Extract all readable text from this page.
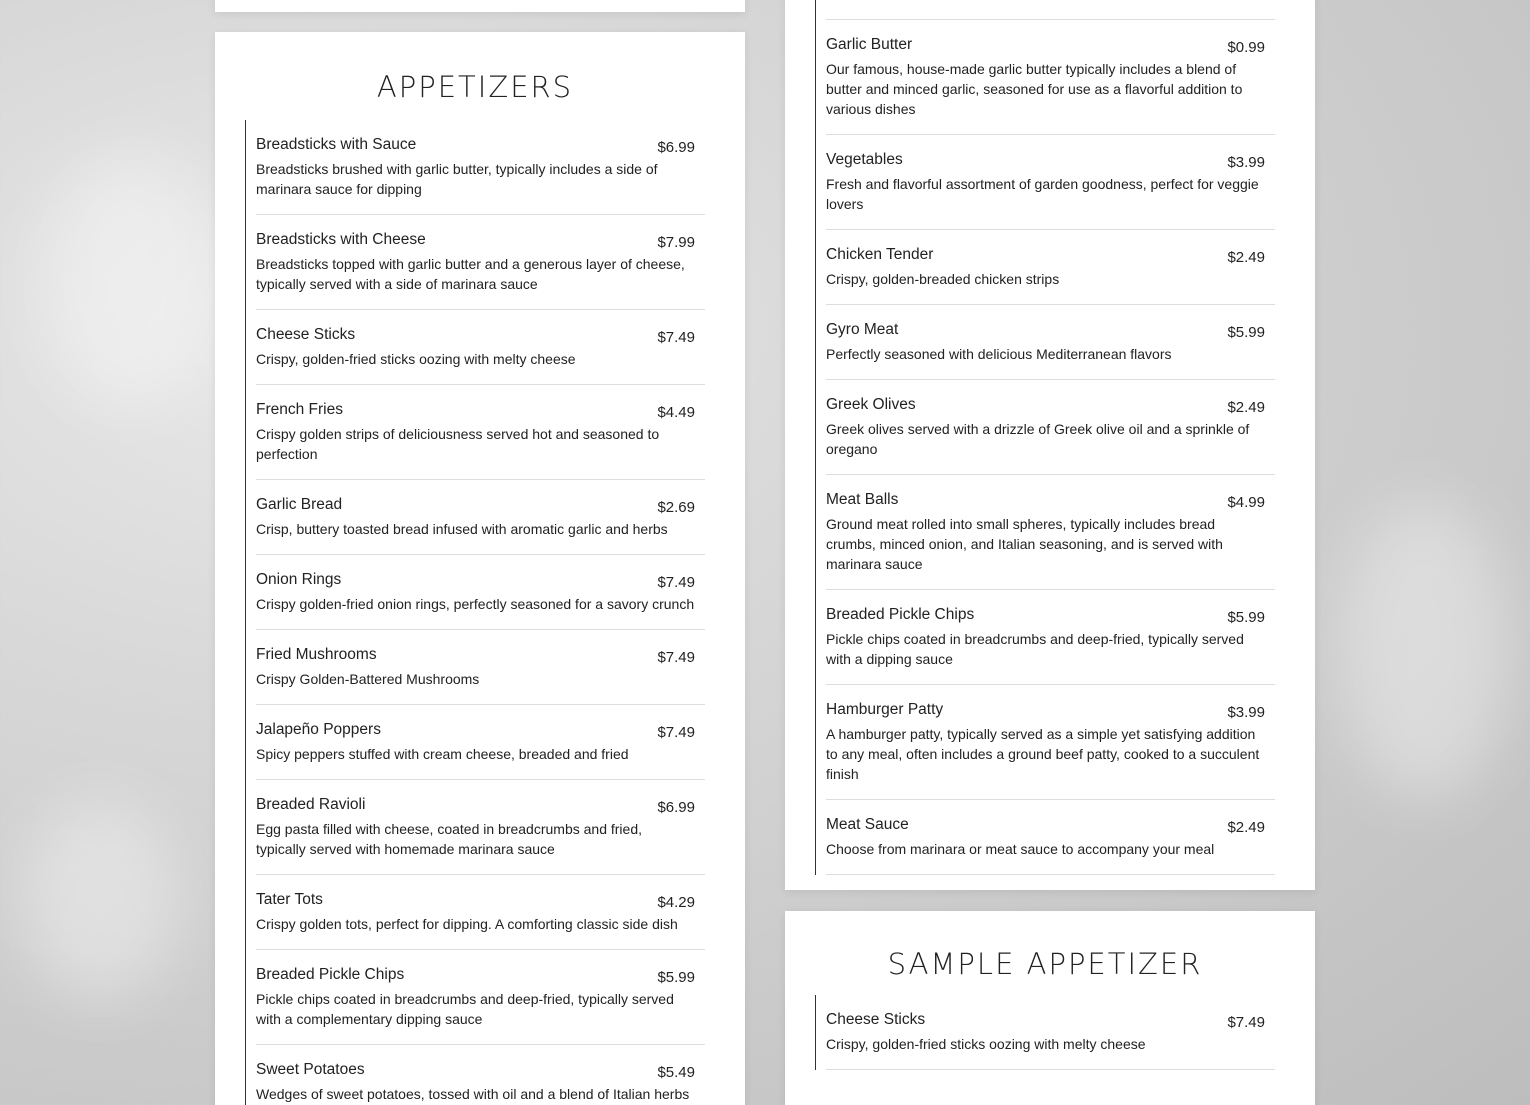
APPETIZERS
Breadsticks with Sauce	$6.99
Breadsticks brushed with garlic butter, typically includes a side of marinara sauce for dipping
Breadsticks with Cheese	$7.99
Breadsticks topped with garlic butter and a generous layer of cheese, typically served with a side of marinara sauce
Cheese Sticks	$7.49
Crispy, golden-fried sticks oozing with melty cheese
French Fries	$4.49
Crispy golden strips of deliciousness served hot and seasoned to perfection
Garlic Bread	$2.69
Crisp, buttery toasted bread infused with aromatic garlic and herbs
Onion Rings	$7.49
Crispy golden-fried onion rings, perfectly seasoned for a savory crunch
Fried Mushrooms	$7.49
Crispy Golden-Battered Mushrooms
Jalapeño Poppers	$7.49
Spicy peppers stuffed with cream cheese, breaded and fried
Breaded Ravioli	$6.99
Egg pasta filled with cheese, coated in breadcrumbs and fried, typically served with homemade marinara sauce
Tater Tots	$4.29
Crispy golden tots, perfect for dipping. A comforting classic side dish
Breaded Pickle Chips	$5.99
Pickle chips coated in breadcrumbs and deep-fried, typically served with a complementary dipping sauce
Sweet Potatoes	$5.49
Wedges of sweet potatoes, tossed with oil and a blend of Italian herbs
Garlic Butter	$0.99
Our famous, house-made garlic butter typically includes a blend of butter and minced garlic, seasoned for use as a flavorful addition to various dishes
Vegetables	$3.99
Fresh and flavorful assortment of garden goodness, perfect for veggie lovers
Chicken Tender	$2.49
Crispy, golden-breaded chicken strips
Gyro Meat	$5.99
Perfectly seasoned with delicious Mediterranean flavors
Greek Olives	$2.49
Greek olives served with a drizzle of Greek olive oil and a sprinkle of oregano
Meat Balls	$4.99
Ground meat rolled into small spheres, typically includes bread crumbs, minced onion, and Italian seasoning, and is served with marinara sauce
Breaded Pickle Chips	$5.99
Pickle chips coated in breadcrumbs and deep-fried, typically served with a dipping sauce
Hamburger Patty	$3.99
A hamburger patty, typically served as a simple yet satisfying addition to any meal, often includes a ground beef patty, cooked to a succulent finish
Meat Sauce	$2.49
Choose from marinara or meat sauce to accompany your meal
SAMPLE APPETIZER
Cheese Sticks	$7.49
Crispy, golden-fried sticks oozing with melty cheese
